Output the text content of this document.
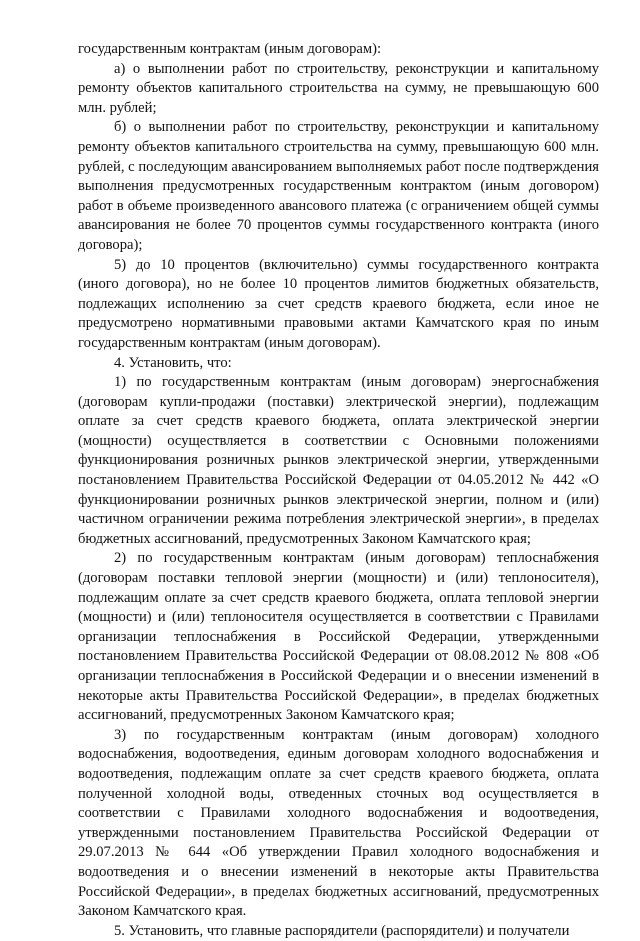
государственным контрактам (иным договорам):

а) о выполнении работ по строительству, реконструкции и капитальному ремонту объектов капитального строительства на сумму, не превышающую 600 млн. рублей;

б) о выполнении работ по строительству, реконструкции и капитальному ремонту объектов капитального строительства на сумму, превышающую 600 млн. рублей, с последующим авансированием выполняемых работ после подтверждения выполнения предусмотренных государственным контрактом (иным договором) работ в объеме произведенного авансового платежа (с ограничением общей суммы авансирования не более 70 процентов суммы государственного контракта (иного договора);

5) до 10 процентов (включительно) суммы государственного контракта (иного договора), но не более 10 процентов лимитов бюджетных обязательств, подлежащих исполнению за счет средств краевого бюджета, если иное не предусмотрено нормативными правовыми актами Камчатского края по иным государственным контрактам (иным договорам).

4. Установить, что:

1) по государственным контрактам (иным договорам) энергоснабжения (договорам купли-продажи (поставки) электрической энергии), подлежащим оплате за счет средств краевого бюджета, оплата электрической энергии (мощности) осуществляется в соответствии с Основными положениями функционирования розничных рынков электрической энергии, утвержденными постановлением Правительства Российской Федерации от 04.05.2012 № 442 «О функционировании розничных рынков электрической энергии, полном и (или) частичном ограничении режима потребления электрической энергии», в пределах бюджетных ассигнований, предусмотренных Законом Камчатского края;

2) по государственным контрактам (иным договорам) теплоснабжения (договорам поставки тепловой энергии (мощности) и (или) теплоносителя), подлежащим оплате за счет средств краевого бюджета, оплата тепловой энергии (мощности) и (или) теплоносителя осуществляется в соответствии с Правилами организации теплоснабжения в Российской Федерации, утвержденными постановлением Правительства Российской Федерации от 08.08.2012 № 808 «Об организации теплоснабжения в Российской Федерации и о внесении изменений в некоторые акты Правительства Российской Федерации», в пределах бюджетных ассигнований, предусмотренных Законом Камчатского края;

3) по государственным контрактам (иным договорам) холодного водоснабжения, водоотведения, единым договорам холодного водоснабжения и водоотведения, подлежащим оплате за счет средств краевого бюджета, оплата полученной холодной воды, отведенных сточных вод осуществляется в соответствии с Правилами холодного водоснабжения и водоотведения, утвержденными постановлением Правительства Российской Федерации от 29.07.2013 № 644 «Об утверждении Правил холодного водоснабжения и водоотведения и о внесении изменений в некоторые акты Правительства Российской Федерации», в пределах бюджетных ассигнований, предусмотренных Законом Камчатского края.

5. Установить, что главные распорядители (распорядители) и получатели
